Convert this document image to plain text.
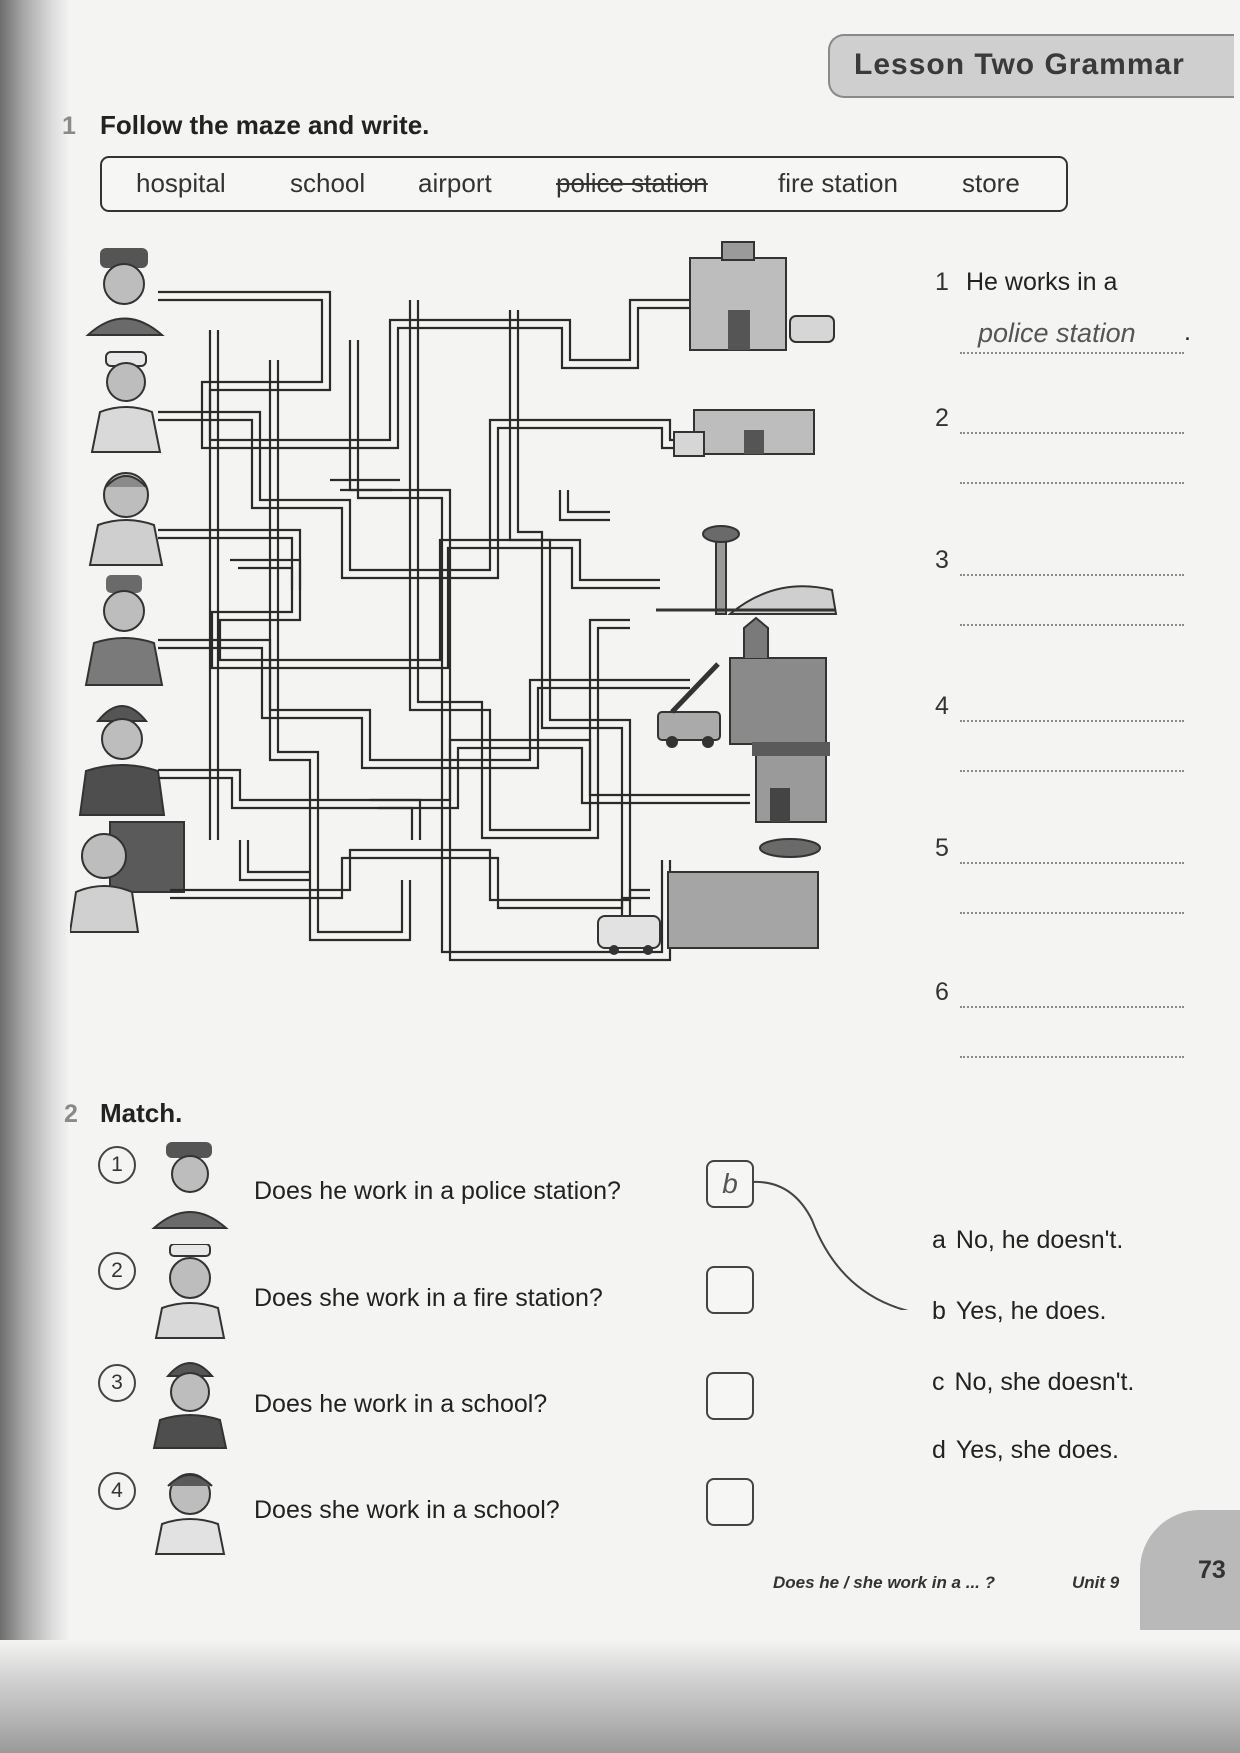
Lesson Two Grammar
1 Follow the maze and write.
hospital school airport police station	fire station store
1 He works in a
police station .
2
3
4
5
6
2 Match.
1
Does he work in a police station?	b
2
Does she work in a fire station?
3
Does he work in a school?
4
Does she work in a school?
a No, he doesn't.
b Yes, he does.
c No, she doesn't.
d Yes, she does.
Does he / she work in a ... ?	Unit 9	73
